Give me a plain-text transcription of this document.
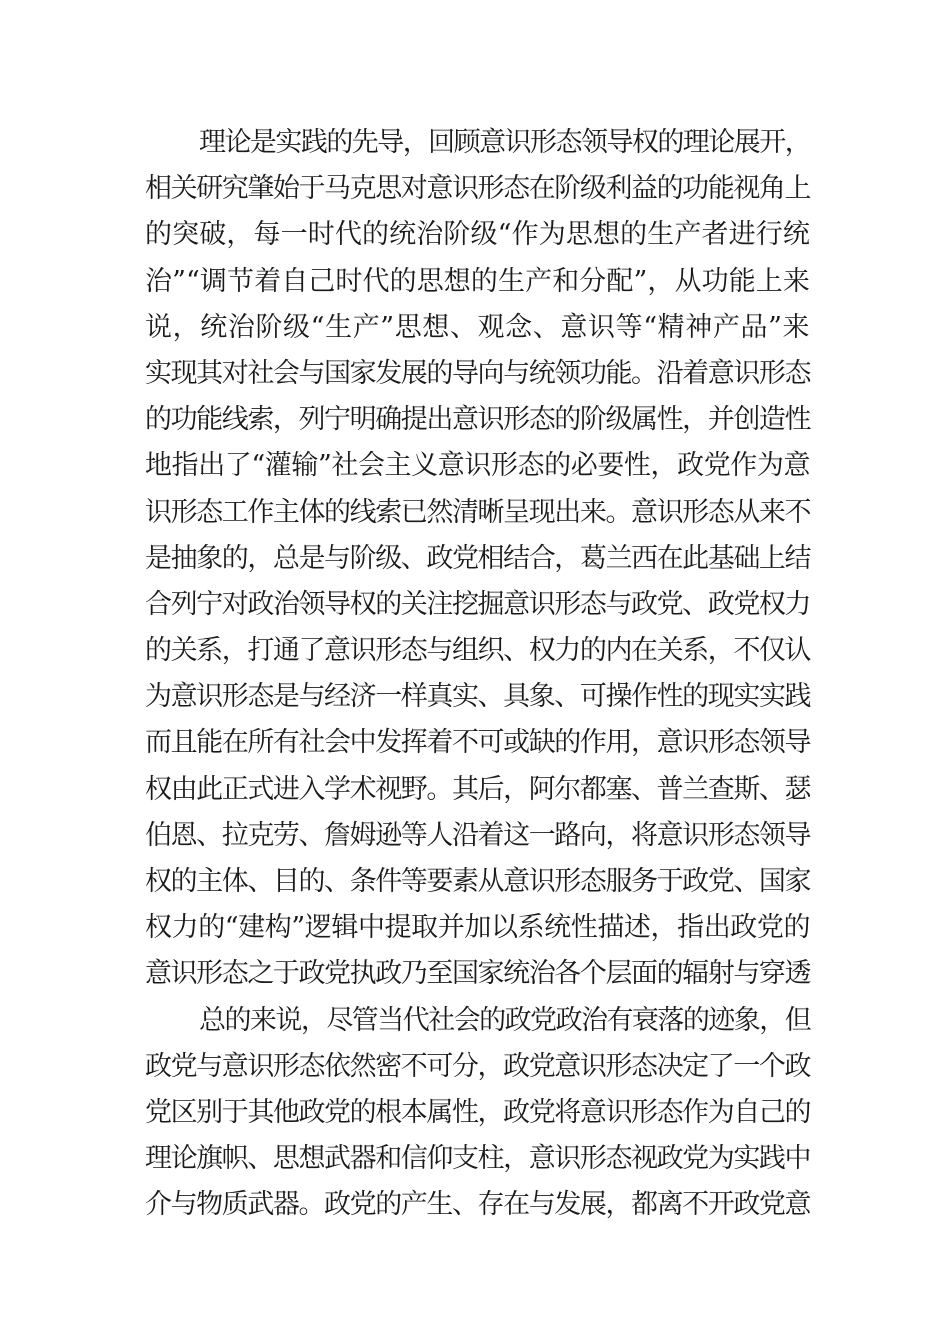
理论是实践的先导，回顾意识形态领导权的理论展开，
相关研究肇始于马克思对意识形态在阶级利益的功能视角上
的突破，每一时代的统治阶级“作为思想的生产者进行统
治”“调节着自己时代的思想的生产和分配”，从功能上来
说，统治阶级“生产”思想、观念、意识等“精神产品”来
实现其对社会与国家发展的导向与统领功能。沿着意识形态
的功能线索，列宁明确提出意识形态的阶级属性，并创造性
地指出了“灌输”社会主义意识形态的必要性，政党作为意
识形态工作主体的线索已然清晰呈现出来。意识形态从来不
是抽象的，总是与阶级、政党相结合，葛兰西在此基础上结
合列宁对政治领导权的关注挖掘意识形态与政党、政党权力
的关系，打通了意识形态与组织、权力的内在关系，不仅认
为意识形态是与经济一样真实、具象、可操作性的现实实践
而且能在所有社会中发挥着不可或缺的作用，意识形态领导
权由此正式进入学术视野。其后，阿尔都塞、普兰查斯、瑟
伯恩、拉克劳、詹姆逊等人沿着这一路向，将意识形态领导
权的主体、目的、条件等要素从意识形态服务于政党、国家
权力的“建构”逻辑中提取并加以系统性描述，指出政党的
意识形态之于政党执政乃至国家统治各个层面的辐射与穿透
总的来说，尽管当代社会的政党政治有衰落的迹象，但
政党与意识形态依然密不可分，政党意识形态决定了一个政
党区别于其他政党的根本属性，政党将意识形态作为自己的
理论旗帜、思想武器和信仰支柱，意识形态视政党为实践中
介与物质武器。政党的产生、存在与发展，都离不开政党意
